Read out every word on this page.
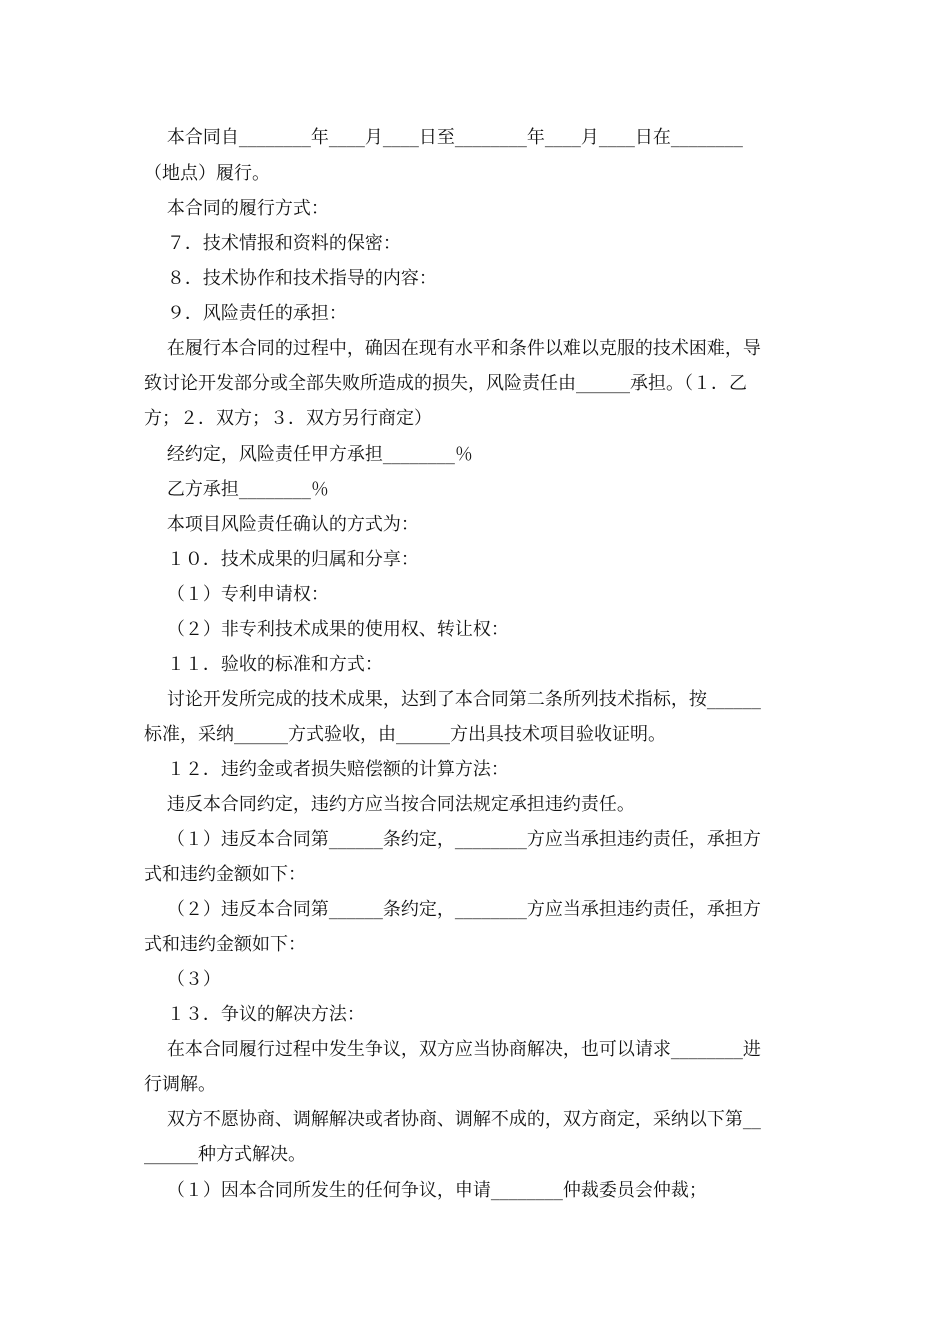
本合同自________年____月____日至________年____月____日在________
（地点）履行。
本合同的履行方式：
７．技术情报和资料的保密：
８．技术协作和技术指导的内容：
９．风险责任的承担：
在履行本合同的过程中，确因在现有水平和条件以难以克服的技术困难，导
致讨论开发部分或全部失败所造成的损失，风险责任由______承担。（１．乙
方；２．双方；３．双方另行商定）
经约定，风险责任甲方承担________％
乙方承担________％
本项目风险责任确认的方式为：
１０．技术成果的归属和分享：
（１）专利申请权：
（２）非专利技术成果的使用权、转让权：
１１．验收的标准和方式：
讨论开发所完成的技术成果，达到了本合同第二条所列技术指标，按______
标准，采纳______方式验收，由______方出具技术项目验收证明。
１２．违约金或者损失赔偿额的计算方法：
违反本合同约定，违约方应当按合同法规定承担违约责任。
（１）违反本合同第______条约定，________方应当承担违约责任，承担方
式和违约金额如下：
（２）违反本合同第______条约定，________方应当承担违约责任，承担方
式和违约金额如下：
（３）
１３．争议的解决方法：
在本合同履行过程中发生争议，双方应当协商解决，也可以请求________进
行调解。
双方不愿协商、调解解决或者协商、调解不成的，双方商定，采纳以下第__
______种方式解决。
（１）因本合同所发生的任何争议，申请________仲裁委员会仲裁；
